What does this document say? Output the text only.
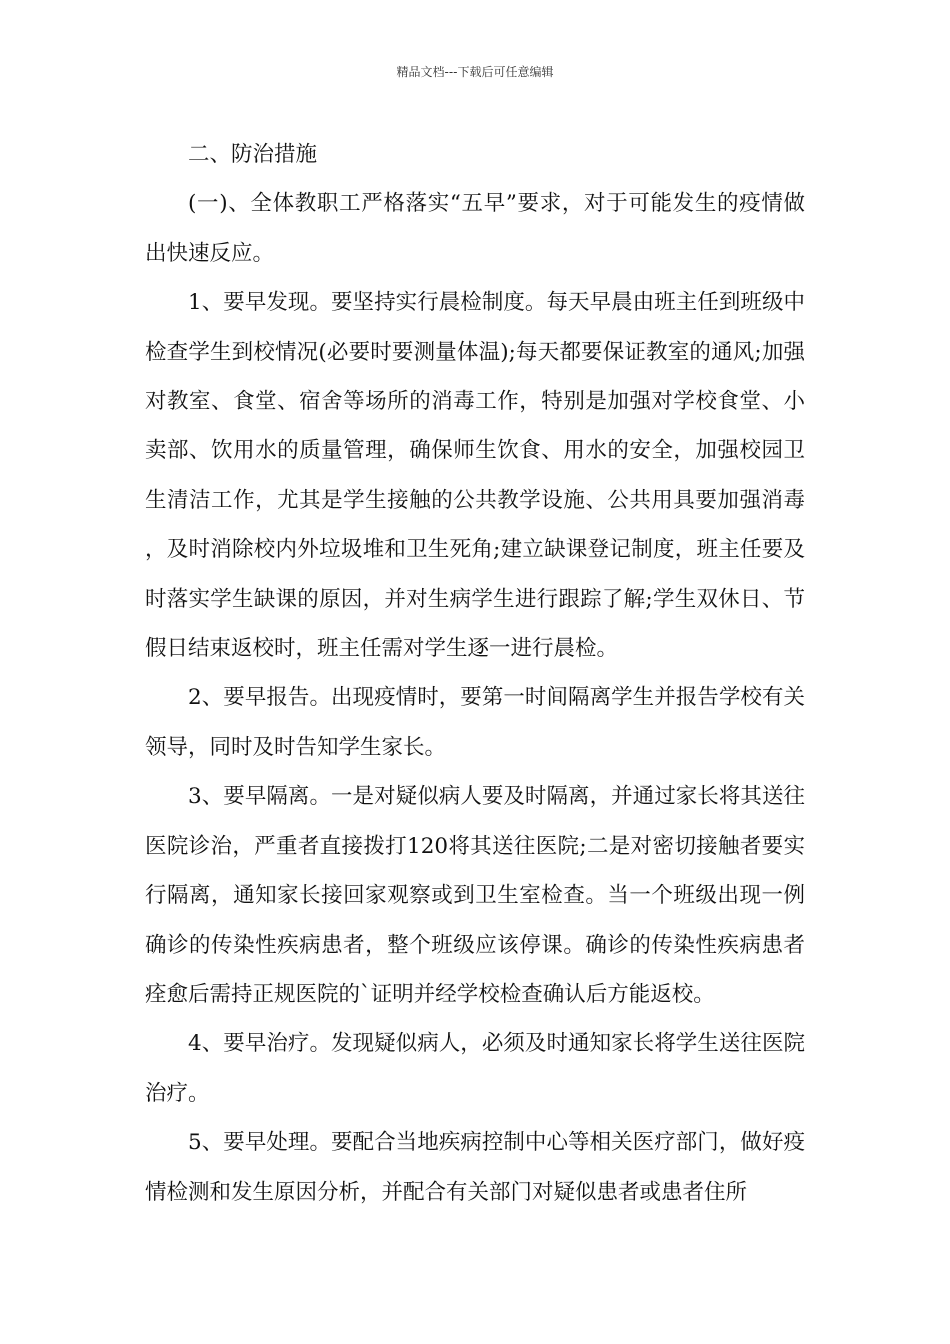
精品文档---下载后可任意编辑

二、防治措施

(一)、全体教职工严格落实“五早”要求，对于可能发生的疫情做出快速反应。

1、要早发现。要坚持实行晨检制度。每天早晨由班主任到班级中检查学生到校情况(必要时要测量体温);每天都要保证教室的通风;加强对教室、食堂、宿舍等场所的消毒工作，特别是加强对学校食堂、小卖部、饮用水的质量管理，确保师生饮食、用水的安全，加强校园卫生清洁工作，尤其是学生接触的公共教学设施、公共用具要加强消毒，及时消除校内外垃圾堆和卫生死角;建立缺课登记制度，班主任要及时落实学生缺课的原因，并对生病学生进行跟踪了解;学生双休日、节假日结束返校时，班主任需对学生逐一进行晨检。

2、要早报告。出现疫情时，要第一时间隔离学生并报告学校有关领导，同时及时告知学生家长。

3、要早隔离。一是对疑似病人要及时隔离，并通过家长将其送往医院诊治，严重者直接拨打120将其送往医院;二是对密切接触者要实行隔离，通知家长接回家观察或到卫生室检查。当一个班级出现一例确诊的传染性疾病患者，整个班级应该停课。确诊的传染性疾病患者痊愈后需持正规医院的`证明并经学校检查确认后方能返校。

4、要早治疗。发现疑似病人，必须及时通知家长将学生送往医院治疗。

5、要早处理。要配合当地疾病控制中心等相关医疗部门，做好疫情检测和发生原因分析，并配合有关部门对疑似患者或患者住所
